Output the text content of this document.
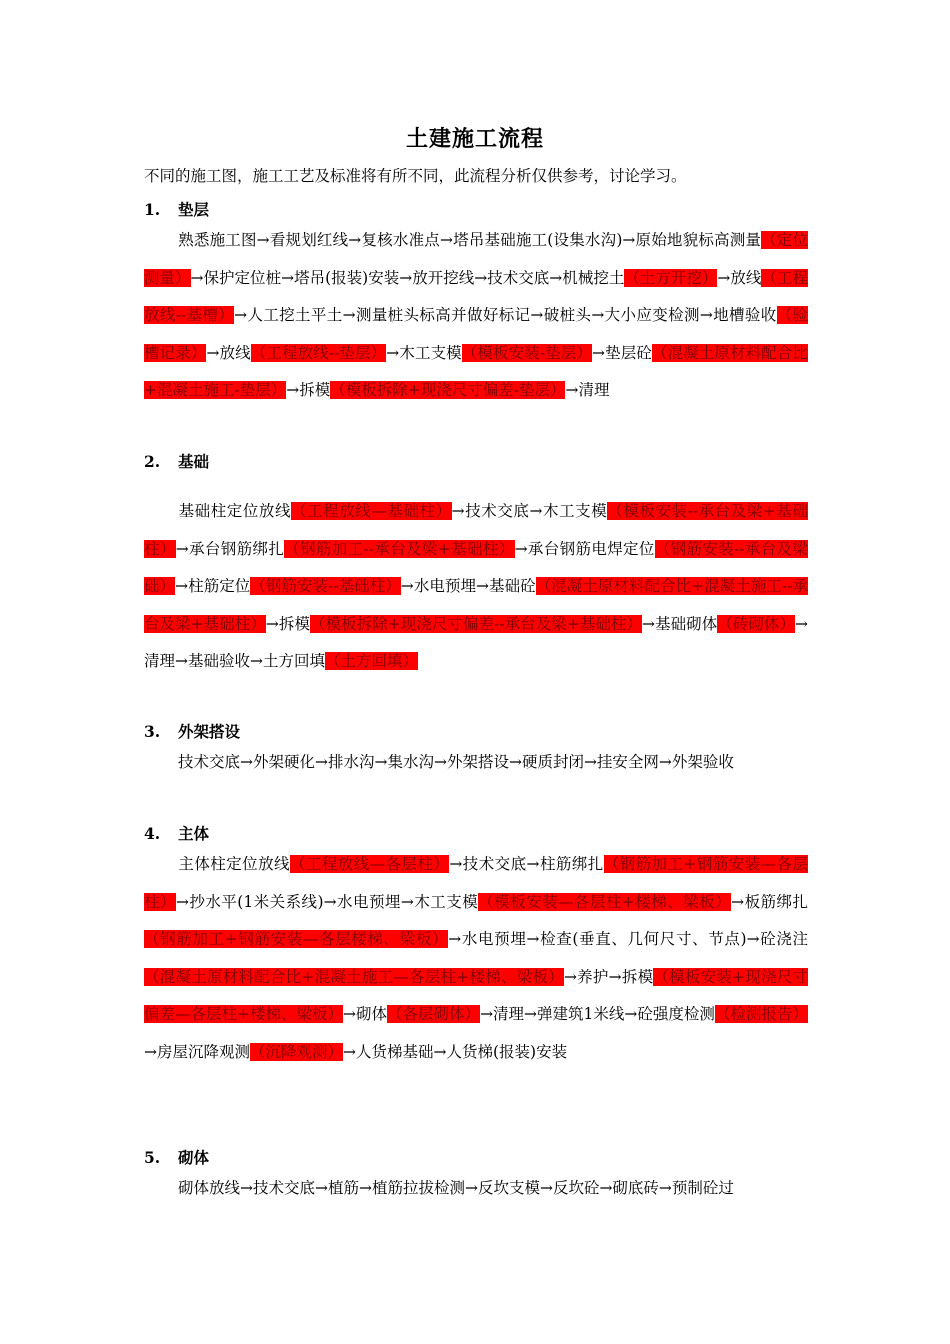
土建施工流程
不同的施工图，施工工艺及标准将有所不同，此流程分析仅供参考，讨论学习。
1. 垫层
熟悉施工图→看规划红线→复核水准点→塔吊基础施工(设集水沟)→原始地貌标高测量（定位测量）→保护定位桩→塔吊(报装)安装→放开挖线→技术交底→机械挖土（土方开挖）→放线（工程放线--基槽）→人工挖土平土→测量桩头标高并做好标记→破桩头→大小应变检测→地槽验收（验槽记录）→放线（工程放线--垫层）→木工支模（模板安装-垫层）→垫层砼（混凝土原材料配合比+混凝土施工-垫层）→拆模（模板拆除+现浇尺寸偏差-垫层）→清理
2. 基础
基础柱定位放线（工程放线—基础柱）→技术交底→木工支模（模板安装--承台及梁+基础柱）→承台钢筋绑扎（钢筋加工--承台及梁+基础柱）→承台钢筋电焊定位（钢筋安装--承台及梁础）→柱筋定位（钢筋安装--基础柱）→水电预埋→基础砼（混凝土原材料配合比+混凝土施工--承台及梁+基础柱）→拆模（模板拆除+现浇尺寸偏差--承台及梁+基础柱）→基础砌体（砖砌体）→清理→基础验收→土方回填（土方回填）
3. 外架搭设
技术交底→外架硬化→排水沟→集水沟→外架搭设→硬质封闭→挂安全网→外架验收
4. 主体
主体柱定位放线（工程放线—各层柱）→技术交底→柱筋绑扎（钢筋加工+钢筋安装—各层柱）→抄水平(1米关系线)→水电预埋→木工支模（模板安装—各层柱+楼梯、梁板）→板筋绑扎（钢筋加工+钢筋安装—各层楼梯、梁板）→水电预埋→检查(垂直、几何尺寸、节点)→砼浇注（混凝土原材料配合比+混凝土施工—各层柱+楼梯、梁板）→养护→拆模（模板安装+现浇尺寸偏差—各层柱+楼梯、梁板）→砌体（各层砌体）→清理→弹建筑1米线→砼强度检测（检测报告）→房屋沉降观测（沉降观测）→人货梯基础→人货梯(报装)安装
5. 砌体
砌体放线→技术交底→植筋→植筋拉拔检测→反坎支模→反坎砼→砌底砖→预制砼过
